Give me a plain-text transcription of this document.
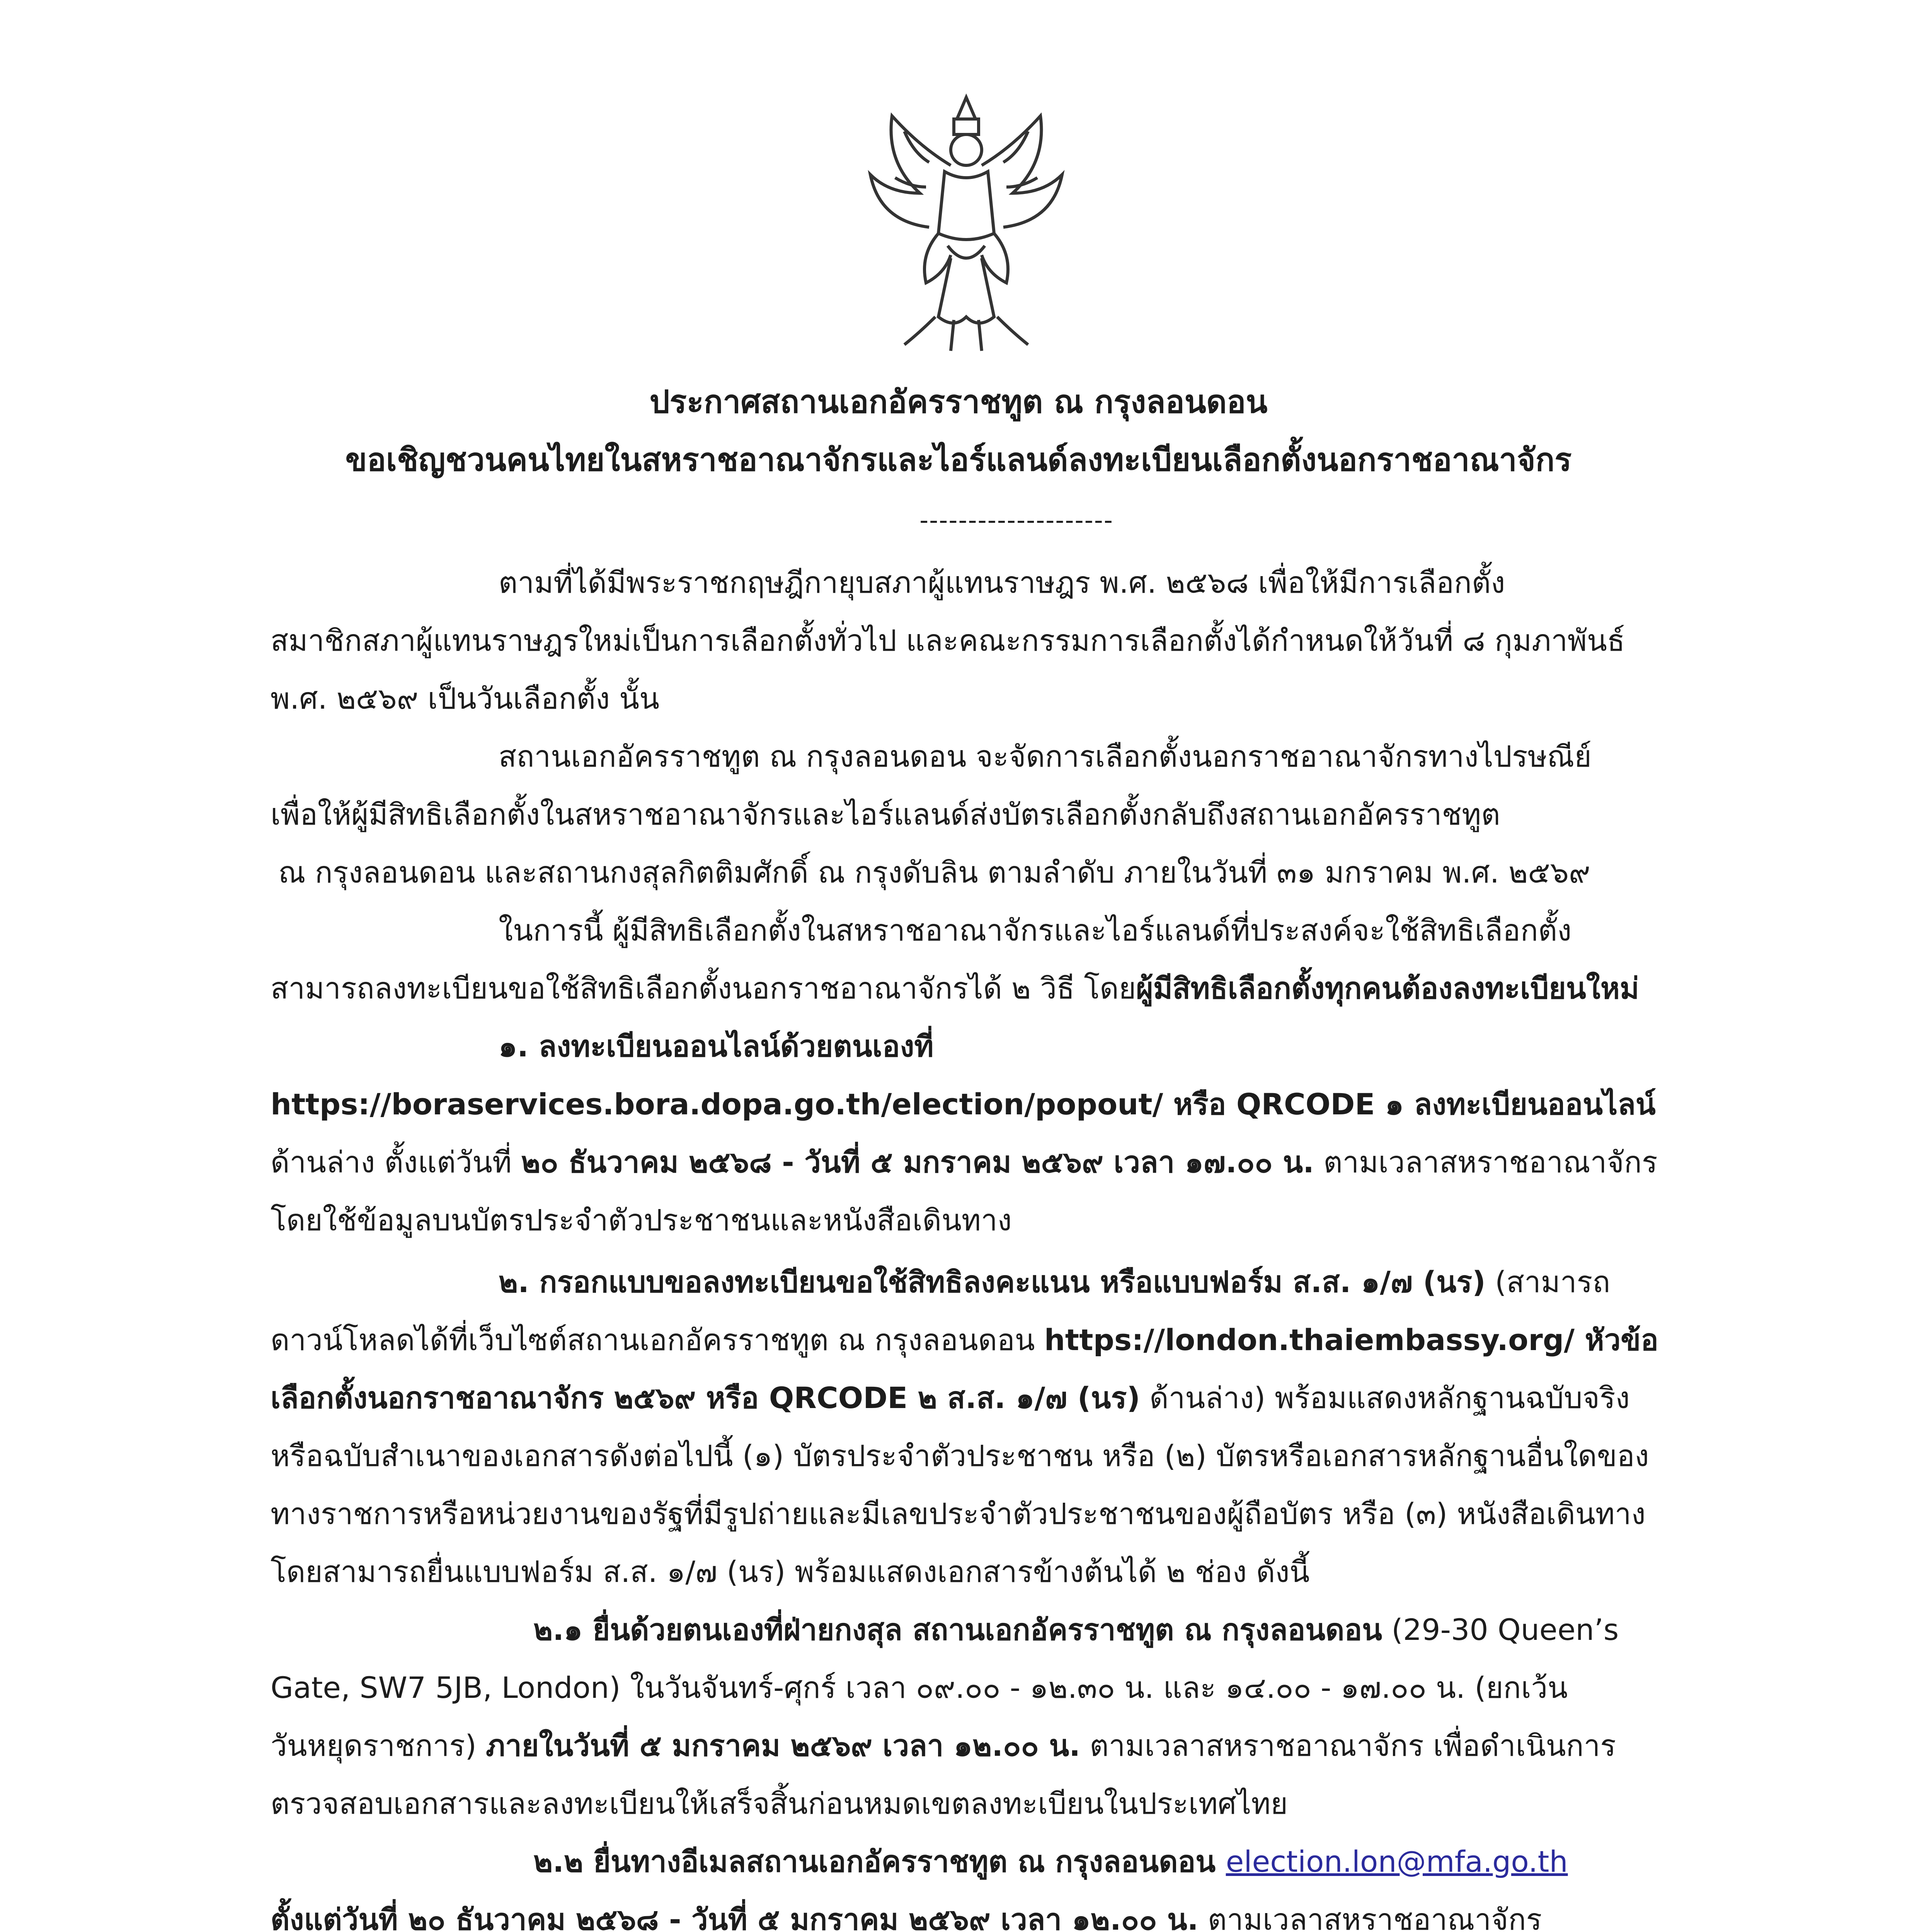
ประกาศสถานเอกอัครราชทูต ณ กรุงลอนดอน
ขอเชิญชวนคนไทยในสหราชอาณาจักรและไอร์แลนด์ลงทะเบียนเลือกตั้งนอกราชอาณาจักร
--------------------
ตามที่ได้มีพระราชกฤษฎีกายุบสภาผู้แทนราษฎร พ.ศ. ๒๕๖๘ เพื่อให้มีการเลือกตั้ง
สมาชิกสภาผู้แทนราษฎรใหม่เป็นการเลือกตั้งทั่วไป และคณะกรรมการเลือกตั้งได้กำหนดให้วันที่ ๘ กุมภาพันธ์
พ.ศ. ๒๕๖๙ เป็นวันเลือกตั้ง นั้น
สถานเอกอัครราชทูต ณ กรุงลอนดอน จะจัดการเลือกตั้งนอกราชอาณาจักรทางไปรษณีย์
เพื่อให้ผู้มีสิทธิเลือกตั้งในสหราชอาณาจักรและไอร์แลนด์ส่งบัตรเลือกตั้งกลับถึงสถานเอกอัครราชทูต
ณ กรุงลอนดอน และสถานกงสุลกิตติมศักดิ์ ณ กรุงดับลิน ตามลำดับ ภายในวันที่ ๓๑ มกราคม พ.ศ. ๒๕๖๙
ในการนี้ ผู้มีสิทธิเลือกตั้งในสหราชอาณาจักรและไอร์แลนด์ที่ประสงค์จะใช้สิทธิเลือกตั้ง
สามารถลงทะเบียนขอใช้สิทธิเลือกตั้งนอกราชอาณาจักรได้ ๒ วิธี โดยผู้มีสิทธิเลือกตั้งทุกคนต้องลงทะเบียนใหม่
๑. ลงทะเบียนออนไลน์ด้วยตนเองที่
https://boraservices.bora.dopa.go.th/election/popout/ หรือ QRCODE ๑ ลงทะเบียนออนไลน์
ด้านล่าง ตั้งแต่วันที่ ๒๐ ธันวาคม ๒๕๖๘ - วันที่ ๕ มกราคม ๒๕๖๙ เวลา ๑๗.๐๐ น. ตามเวลาสหราชอาณาจักร
โดยใช้ข้อมูลบนบัตรประจำตัวประชาชนและหนังสือเดินทาง
๒. กรอกแบบขอลงทะเบียนขอใช้สิทธิลงคะแนน หรือแบบฟอร์ม ส.ส. ๑/๗ (นร) (สามารถ
ดาวน์โหลดได้ที่เว็บไซต์สถานเอกอัครราชทูต ณ กรุงลอนดอน https://london.thaiembassy.org/ หัวข้อ
เลือกตั้งนอกราชอาณาจักร ๒๕๖๙ หรือ QRCODE ๒ ส.ส. ๑/๗ (นร) ด้านล่าง) พร้อมแสดงหลักฐานฉบับจริง
หรือฉบับสำเนาของเอกสารดังต่อไปนี้ (๑) บัตรประจำตัวประชาชน หรือ (๒) บัตรหรือเอกสารหลักฐานอื่นใดของ
ทางราชการหรือหน่วยงานของรัฐที่มีรูปถ่ายและมีเลขประจำตัวประชาชนของผู้ถือบัตร หรือ (๓) หนังสือเดินทาง
โดยสามารถยื่นแบบฟอร์ม ส.ส. ๑/๗ (นร) พร้อมแสดงเอกสารข้างต้นได้ ๒ ช่อง ดังนี้
๒.๑ ยื่นด้วยตนเองที่ฝ่ายกงสุล สถานเอกอัครราชทูต ณ กรุงลอนดอน (29-30 Queen’s
Gate, SW7 5JB, London) ในวันจันทร์-ศุกร์ เวลา ๐๙.๐๐ - ๑๒.๓๐ น. และ ๑๔.๐๐ - ๑๗.๐๐ น. (ยกเว้น
วันหยุดราชการ) ภายในวันที่ ๕ มกราคม ๒๕๖๙ เวลา ๑๒.๐๐ น. ตามเวลาสหราชอาณาจักร เพื่อดำเนินการ
ตรวจสอบเอกสารและลงทะเบียนให้เสร็จสิ้นก่อนหมดเขตลงทะเบียนในประเทศไทย
๒.๒ ยื่นทางอีเมลสถานเอกอัครราชทูต ณ กรุงลอนดอน election.lon@mfa.go.th
ตั้งแต่วันที่ ๒๐ ธันวาคม ๒๕๖๘ - วันที่ ๕ มกราคม ๒๕๖๙ เวลา ๑๒.๐๐ น. ตามเวลาสหราชอาณาจักร
